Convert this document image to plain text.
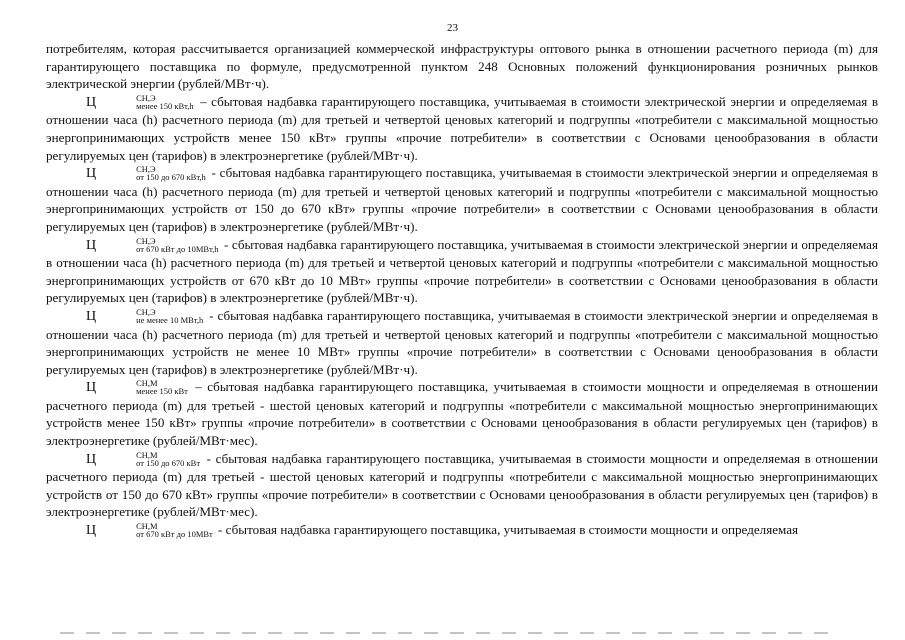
23

потребителям, которая рассчитывается организацией коммерческой инфраструктуры оптового рынка в отношении расчетного периода (m) для гарантирующего поставщика по формуле, предусмотренной пунктом 248 Основных положений функционирования розничных рынков электрической энергии (рублей/МВт·ч).

Ц	СН,Э
менее 150 кВт,h – сбытовая надбавка гарантирующего поставщика, учитываемая в стоимости электрической энергии и определяемая в отношении часа (h) расчетного периода (m) для третьей и четвертой ценовых категорий и подгруппы «потребители с максимальной мощностью энергопринимающих устройств менее 150 кВт» группы «прочие потребители» в соответствии с Основами ценообразования в области регулируемых цен (тарифов) в электроэнергетике (рублей/МВт·ч).

Ц	СН,Э
от 150 до 670 кВт,h - сбытовая надбавка гарантирующего поставщика, учитываемая в стоимости электрической энергии и определяемая в отношении часа (h) расчетного периода (m) для третьей и четвертой ценовых категорий и подгруппы «потребители с максимальной мощностью энергопринимающих устройств от 150 до 670 кВт» группы «прочие потребители» в соответствии с Основами ценообразования в области регулируемых цен (тарифов) в электроэнергетике (рублей/МВт·ч).

Ц	СН,Э
от 670 кВт до 10МВт,h - сбытовая надбавка гарантирующего поставщика, учитываемая в стоимости электрической энергии и определяемая в отношении часа (h) расчетного периода (m) для третьей и четвертой ценовых категорий и подгруппы «потребители с максимальной мощностью энергопринимающих устройств от 670 кВт до 10 МВт» группы «прочие потребители» в соответствии с Основами ценообразования в области регулируемых цен (тарифов) в электроэнергетике (рублей/МВт·ч).

Ц	СН,Э
не менее 10 МВт,h - сбытовая надбавка гарантирующего поставщика, учитываемая в стоимости электрической энергии и определяемая в отношении часа (h) расчетного периода (m) для третьей и четвертой ценовых категорий и подгруппы «потребители с максимальной мощностью энергопринимающих устройств не менее 10 МВт» группы «прочие потребители» в соответствии с Основами ценообразования в области регулируемых цен (тарифов) в электроэнергетике (рублей/МВт·ч).

Ц	СН,М
менее 150 кВт – сбытовая надбавка гарантирующего поставщика, учитываемая в стоимости мощности и определяемая в отношении расчетного периода (m) для третьей - шестой ценовых категорий и подгруппы «потребители с максимальной мощностью энергопринимающих устройств менее 150 кВт» группы «прочие потребители» в соответствии с Основами ценообразования в области регулируемых цен (тарифов) в электроэнергетике (рублей/МВт·мес).

Ц	СН,М
от 150 до 670 кВт - сбытовая надбавка гарантирующего поставщика, учитываемая в стоимости мощности и определяемая в отношении расчетного периода (m) для третьей - шестой ценовых категорий и подгруппы «потребители с максимальной мощностью энергопринимающих устройств от 150 до 670 кВт» группы «прочие потребители» в соответствии с Основами ценообразования в области регулируемых цен (тарифов) в электроэнергетике (рублей/МВт·мес).

Ц	СН,М
от 670 кВт до 10МВт - сбытовая надбавка гарантирующего поставщика, учитываемая в стоимости мощности и определяемая
